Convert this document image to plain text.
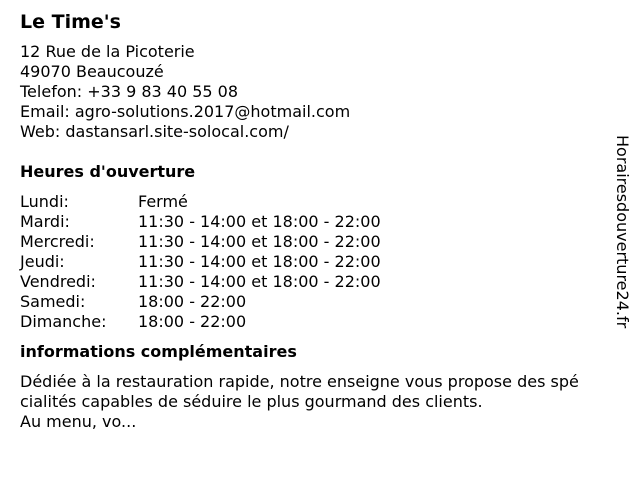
Le Time's
12 Rue de la Picoterie
49070 Beaucouzé
Telefon: +33 9 83 40 55 08
Email: agro-solutions.2017@hotmail.com
Web: dastansarl.site-solocal.com/
Heures d'ouverture
Lundi:	Fermé
Mardi:	11:30 - 14:00 et 18:00 - 22:00
Mercredi:	11:30 - 14:00 et 18:00 - 22:00
Jeudi:	11:30 - 14:00 et 18:00 - 22:00
Vendredi:	11:30 - 14:00 et 18:00 - 22:00
Samedi:	18:00 - 22:00
Dimanche:	18:00 - 22:00
informations complémentaires
Dédiée à la restauration rapide, notre enseigne vous propose des spé
cialités capables de séduire le plus gourmand des clients.
Au menu, vo...
Horairesdouverture24.fr
